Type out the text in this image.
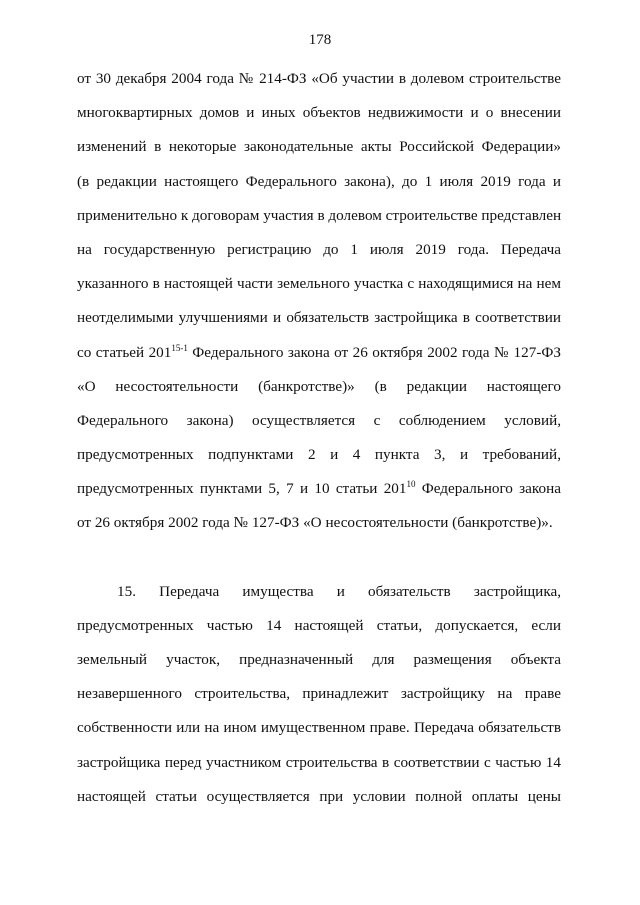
178
от 30 декабря 2004 года № 214-ФЗ «Об участии в долевом строительстве
многоквартирных домов и иных объектов недвижимости и о внесении
изменений в некоторые законодательные акты Российской Федерации»
(в редакции настоящего Федерального закона), до 1 июля 2019 года и
применительно к договорам участия в долевом строительстве представлен
на государственную регистрацию до 1 июля 2019 года. Передача
указанного в настоящей части земельного участка с находящимися на нем
неотделимыми улучшениями и обязательств застройщика в соответствии
со статьей 201$^{15-1}$ Федерального закона от 26 октября 2002 года № 127-ФЗ
«О несостоятельности (банкротстве)» (в редакции настоящего
Федерального закона) осуществляется с соблюдением условий,
предусмотренных подпунктами 2 и 4 пункта 3, и требований,
предусмотренных пунктами 5, 7 и 10 статьи $201^{10}$ Федерального закона
от 26 октября 2002 года № 127-ФЗ «О несостоятельности (банкротстве)».
15. Передача имущества и обязательств застройщика,
предусмотренных частью 14 настоящей статьи, допускается, если
земельный участок, предназначенный для размещения объекта
незавершенного строительства, принадлежит застройщику на праве
собственности или на ином имущественном праве. Передача обязательств
застройщика перед участником строительства в соответствии с частью 14
настоящей статьи осуществляется при условии полной оплаты цены
